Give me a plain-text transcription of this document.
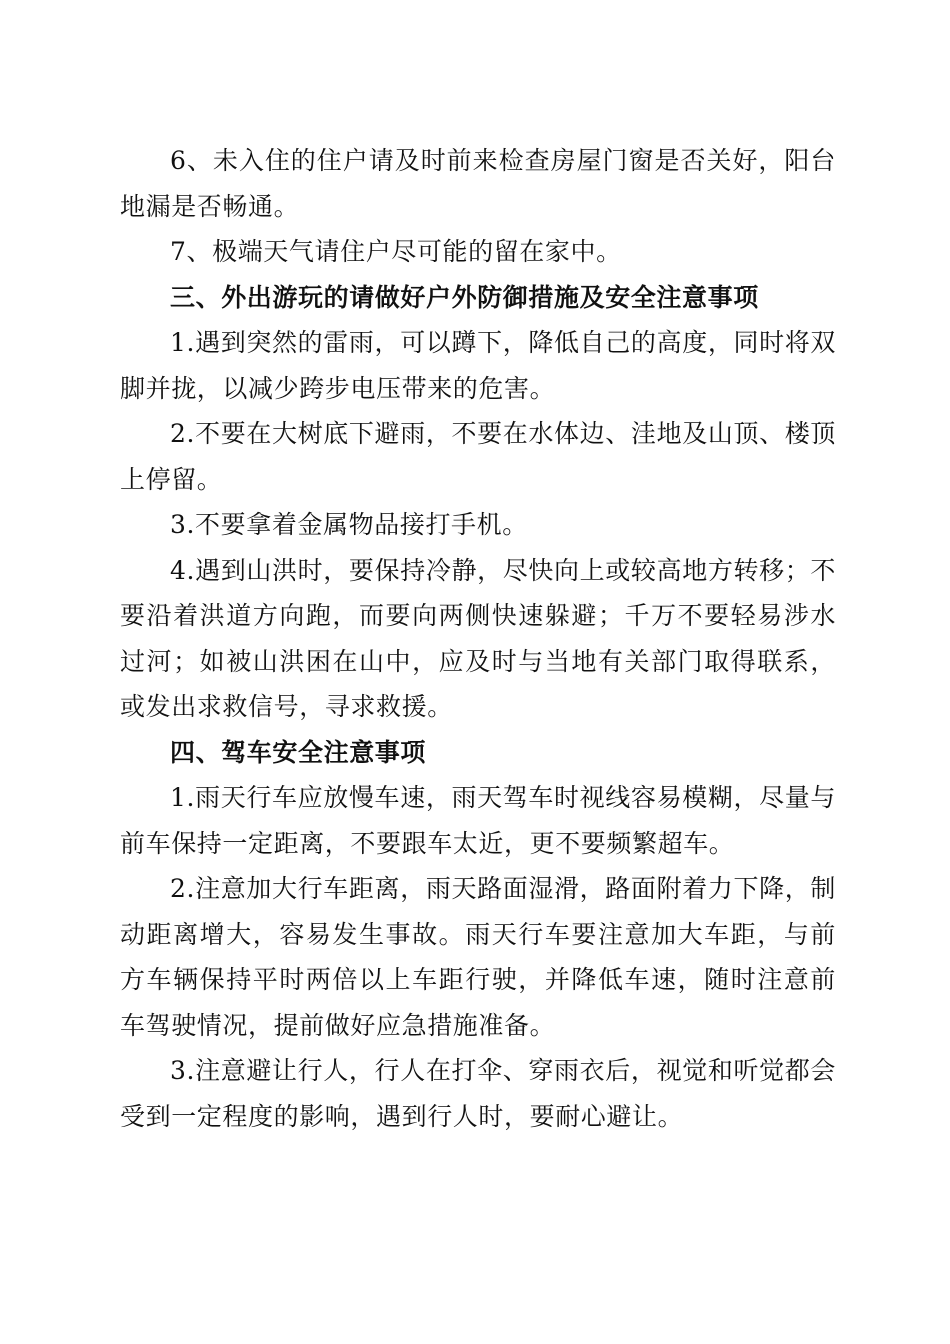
6、未入住的住户请及时前来检查房屋门窗是否关好，阳台地漏是否畅通。

7、极端天气请住户尽可能的留在家中。

三、外出游玩的请做好户外防御措施及安全注意事项

1.遇到突然的雷雨，可以蹲下，降低自己的高度，同时将双脚并拢，以减少跨步电压带来的危害。

2.不要在大树底下避雨，不要在水体边、洼地及山顶、楼顶上停留。

3.不要拿着金属物品接打手机。

4.遇到山洪时，要保持冷静，尽快向上或较高地方转移；不要沿着洪道方向跑，而要向两侧快速躲避；千万不要轻易涉水过河；如被山洪困在山中，应及时与当地有关部门取得联系，或发出求救信号，寻求救援。

四、驾车安全注意事项

1.雨天行车应放慢车速，雨天驾车时视线容易模糊，尽量与前车保持一定距离，不要跟车太近，更不要频繁超车。

2.注意加大行车距离，雨天路面湿滑，路面附着力下降，制动距离增大，容易发生事故。雨天行车要注意加大车距，与前方车辆保持平时两倍以上车距行驶，并降低车速，随时注意前车驾驶情况，提前做好应急措施准备。

3.注意避让行人，行人在打伞、穿雨衣后，视觉和听觉都会受到一定程度的影响，遇到行人时，要耐心避让。
